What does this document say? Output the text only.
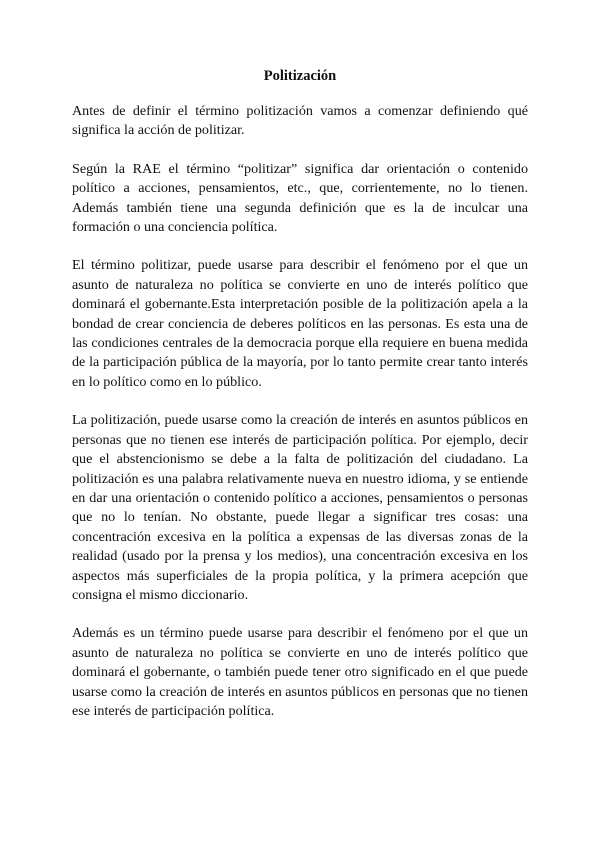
Politización

Antes de definir el término politización vamos a comenzar definiendo qué significa la acción de politizar.

Según la RAE el término “politizar” significa dar orientación o contenido político a acciones, pensamientos, etc., que, corrientemente, no lo tienen. Además también tiene una segunda definición que es la de inculcar una formación o una conciencia política.

El término politizar, puede usarse para describir el fenómeno por el que un asunto de naturaleza no política se convierte en uno de interés político que dominará el gobernante.Esta interpretación posible de la politización apela a la bondad de crear conciencia de deberes políticos en las personas. Es esta una de las condiciones centrales de la democracia porque ella requiere en buena medida de la participación pública de la mayoría, por lo tanto permite crear tanto interés en lo político como en lo público.

La politización, puede usarse como la creación de interés en asuntos públicos en personas que no tienen ese interés de participación política. Por ejemplo, decir que el abstencionismo se debe a la falta de politización del ciudadano. La politización es una palabra relativamente nueva en nuestro idioma, y se entiende en dar una orientación o contenido político a acciones, pensamientos o personas que no lo tenían. No obstante, puede llegar a significar tres cosas: una concentración excesiva en la política a expensas de las diversas zonas de la realidad (usado por la prensa y los medios), una concentración excesiva en los aspectos más superficiales de la propia política, y la primera acepción que consigna el mismo diccionario.

Además es un término puede usarse para describir el fenómeno por el que un asunto de naturaleza no política se convierte en uno de interés político que dominará el gobernante, o también puede tener otro significado en el que puede usarse como la creación de interés en asuntos públicos en personas que no tienen ese interés de participación política.
